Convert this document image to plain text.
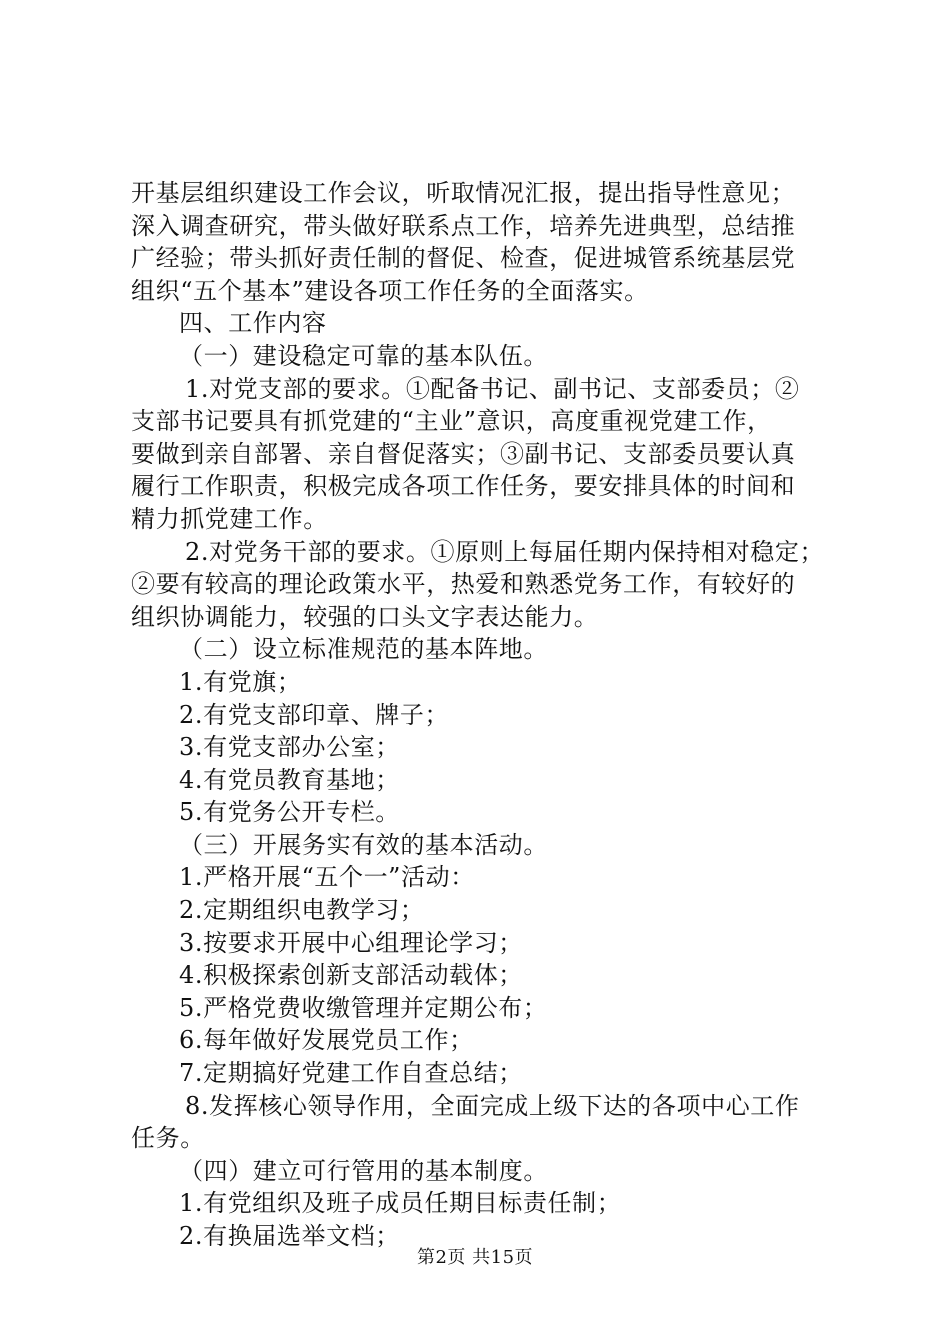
开基层组织建设工作会议，听取情况汇报，提出指导性意见；
深入调查研究，带头做好联系点工作，培养先进典型，总结推
广经验；带头抓好责任制的督促、检查，促进城管系统基层党
组织“五个基本”建设各项工作任务的全面落实。
四、工作内容
（一）建设稳定可靠的基本队伍。
1.对党支部的要求。①配备书记、副书记、支部委员；②
支部书记要具有抓党建的“主业”意识，高度重视党建工作，
要做到亲自部署、亲自督促落实；③副书记、支部委员要认真
履行工作职责，积极完成各项工作任务，要安排具体的时间和
精力抓党建工作。
2.对党务干部的要求。①原则上每届任期内保持相对稳定；
②要有较高的理论政策水平，热爱和熟悉党务工作，有较好的
组织协调能力，较强的口头文字表达能力。
（二）设立标准规范的基本阵地。
1.有党旗；
2.有党支部印章、牌子；
3.有党支部办公室；
4.有党员教育基地；
5.有党务公开专栏。
（三）开展务实有效的基本活动。
1.严格开展“五个一”活动：
2.定期组织电教学习；
3.按要求开展中心组理论学习；
4.积极探索创新支部活动载体；
5.严格党费收缴管理并定期公布；
6.每年做好发展党员工作；
7.定期搞好党建工作自查总结；
8.发挥核心领导作用，全面完成上级下达的各项中心工作
任务。
（四）建立可行管用的基本制度。
1.有党组织及班子成员任期目标责任制；
2.有换届选举文档；
第2页 共15页
